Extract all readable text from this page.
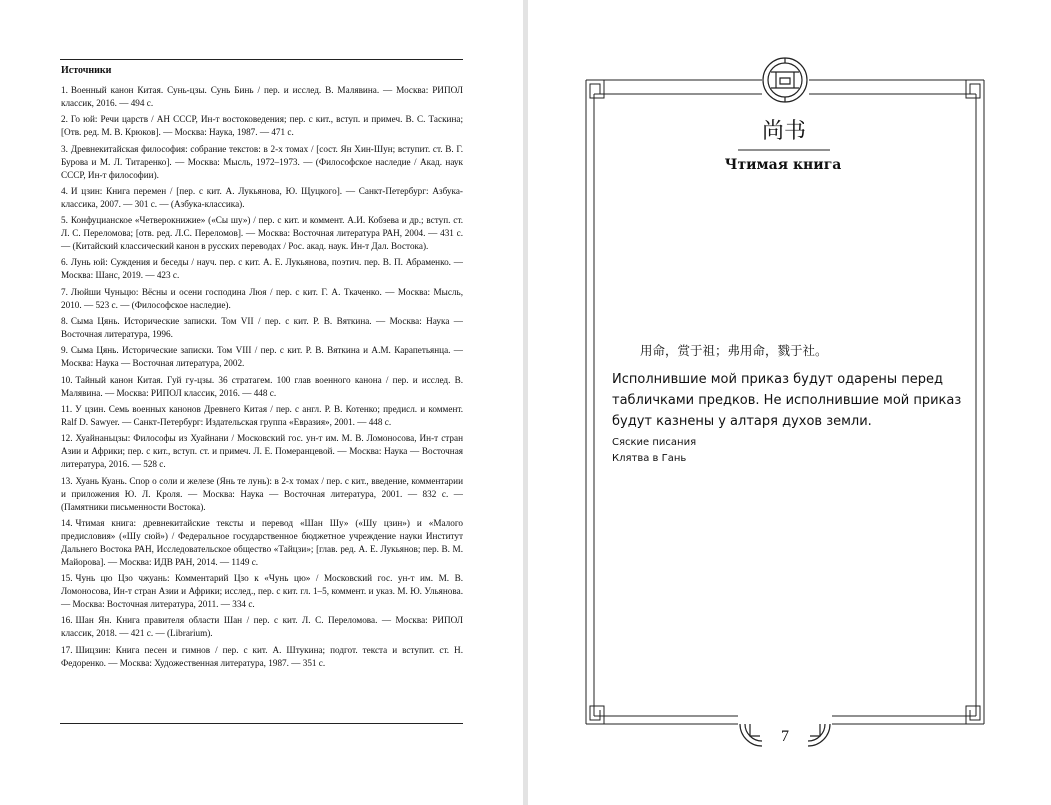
Источники

1. Военный канон Китая. Сунь-цзы. Сунь Бинь / пер. и исслед. В. Малявина. — Москва: РИПОЛ классик, 2016. — 494 с.

2. Го юй: Речи царств / АН СССР, Ин-т востоковедения; пер. с кит., вступ. и примеч. В. С. Таскина; [Отв. ред. М. В. Крюков]. — Москва: Наука, 1987. — 471 с.

3. Древнекитайская философия: собрание текстов: в 2-х томах / [сост. Ян Хин-Шун; вступит. ст. В. Г. Бурова и М. Л. Титаренко]. — Москва: Мысль, 1972–1973. — (Философское наследие / Акад. наук СССР, Ин-т философии).

4. И цзин: Книга перемен / [пер. с кит. А. Лукьянова, Ю. Щуцкого]. — Санкт-Петербург: Азбука-классика, 2007. — 301 с. — (Азбука-классика).

5. Конфуцианское «Четверокнижие» («Сы шу») / пер. с кит. и коммент. А.И. Кобзева и др.; вступ. ст. Л. С. Переломова; [отв. ред. Л.С. Переломов]. — Москва: Восточная литература РАН, 2004. — 431 с. — (Китайский классический канон в русских переводах / Рос. акад. наук. Ин-т Дал. Востока).

6. Лунь юй: Суждения и беседы / науч. пер. с кит. А. Е. Лукьянова, поэтич. пер. В. П. Абраменко. — Москва: Шанс, 2019. — 423 с.

7. Люйши Чуньцю: Вёсны и осени господина Люя / пер. с кит. Г. А. Ткаченко. — Москва: Мысль, 2010. — 523 с. — (Философское наследие).

8. Сыма Цянь. Исторические записки. Том VII / пер. с кит. Р. В. Вяткина. — Москва: Наука — Восточная литература, 1996.

9. Сыма Цянь. Исторические записки. Том VIII / пер. с кит. Р. В. Вяткина и А.М. Карапетьянца. — Москва: Наука — Восточная литература, 2002.

10. Тайный канон Китая. Гуй гу-цзы. 36 стратагем. 100 глав военного канона / пер. и исслед. В. Малявина. — Москва: РИПОЛ классик, 2016. — 448 с.

11. У цзин. Семь военных канонов Древнего Китая / пер. с англ. Р. В. Котенко; предисл. и коммент. Ralf D. Sawyer. — Санкт-Петербург: Издательская группа «Евразия», 2001. — 448 с.

12. Хуайнаньцзы: Философы из Хуайнани / Московский гос. ун-т им. М. В. Ломоносова, Ин-т стран Азии и Африки; пер. с кит., вступ. ст. и примеч. Л. Е. Померанцевой. — Москва: Наука — Восточная литература, 2016. — 528 с.

13. Хуань Куань. Спор о соли и железе (Янь те лунь): в 2-х томах / пер. с кит., введение, комментарии и приложения Ю. Л. Кроля. — Москва: Наука — Восточная литература, 2001. — 832 с. — (Памятники письменности Востока).

14. Чтимая книга: древнекитайские тексты и перевод «Шан Шу» («Шу цзин») и «Малого предисловия» («Шу сюй») / Федеральное государственное бюджетное учреждение науки Институт Дальнего Востока РАН, Исследовательское общество «Тайцзи»; [глав. ред. А. Е. Лукьянов; пер. В. М. Майорова]. — Москва: ИДВ РАН, 2014. — 1149 с.

15. Чунь цю Цзо чжуань: Комментарий Цзо к «Чунь цю» / Московский гос. ун-т им. М. В. Ломоносова, Ин-т стран Азии и Африки; исслед., пер. с кит. гл. 1–5, коммент. и указ. М. Ю. Ульянова. — Москва: Восточная литература, 2011. — 334 с.

16. Шан Ян. Книга правителя области Шан / пер. с кит. Л. С. Переломова. — Москва: РИПОЛ классик, 2018. — 421 с. — (Librarium).

17. Шицзин: Книга песен и гимнов / пер. с кит. А. Штукина; подгот. текста и вступит. ст. Н. Федоренко. — Москва: Художественная литература, 1987. — 351 с.

尚书
Чтимая книга
用命，赏于祖；弗用命，戮于社。
Исполнившие мой приказ будут одарены перед табличками предков. Не исполнившие мой приказ будут казнены у алтаря духов земли.
Сяские писания
Клятва в Гань
7
